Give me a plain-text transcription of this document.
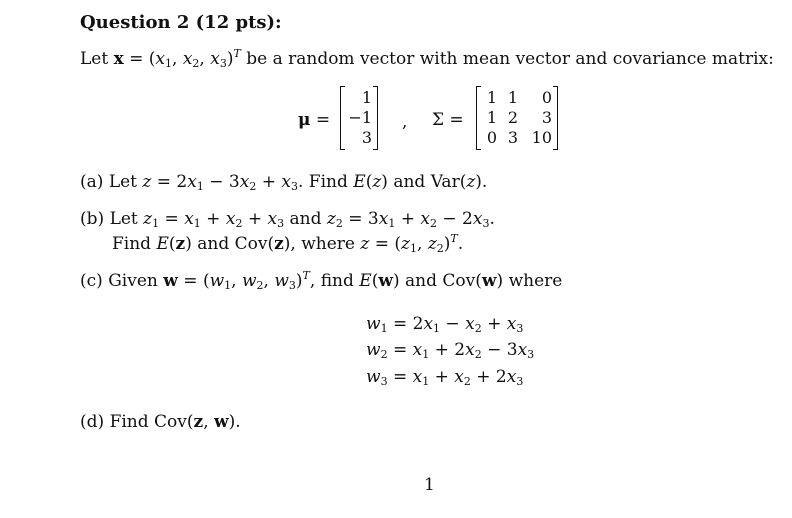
Question 2 (12 pts):
Let $x = (x_1$, $x_2$, $x_3)^T$ be a random vector with mean vector and covariance matrix:
μ =
1
−1
3
, Σ =
1 1	0
1 2	3
0 3 10
(a) Let $z = 2x_1 - 3x_2 + x_3$. Find E(z) and Var(z).
(b) Let $z_1 = x_1 + x_2 + x_3$ and $z_2 = 3x_1 + x_2 - 2x_3$.
Find E(z) and Cov(z), where $z = (z_1$, $z_2)^T$.
(c) Given $w = (w_1$, $w_2$, $w_3)^T$, find E(w) and Cov(w) where
$w_1 = 2x_1 - x_2 + x_3$
$w_2 = x_1 + 2x_2 - 3x_3$
$w_3 = x_1 + x_2 + 2x_3$
(d) Find Cov(z, w).
1
